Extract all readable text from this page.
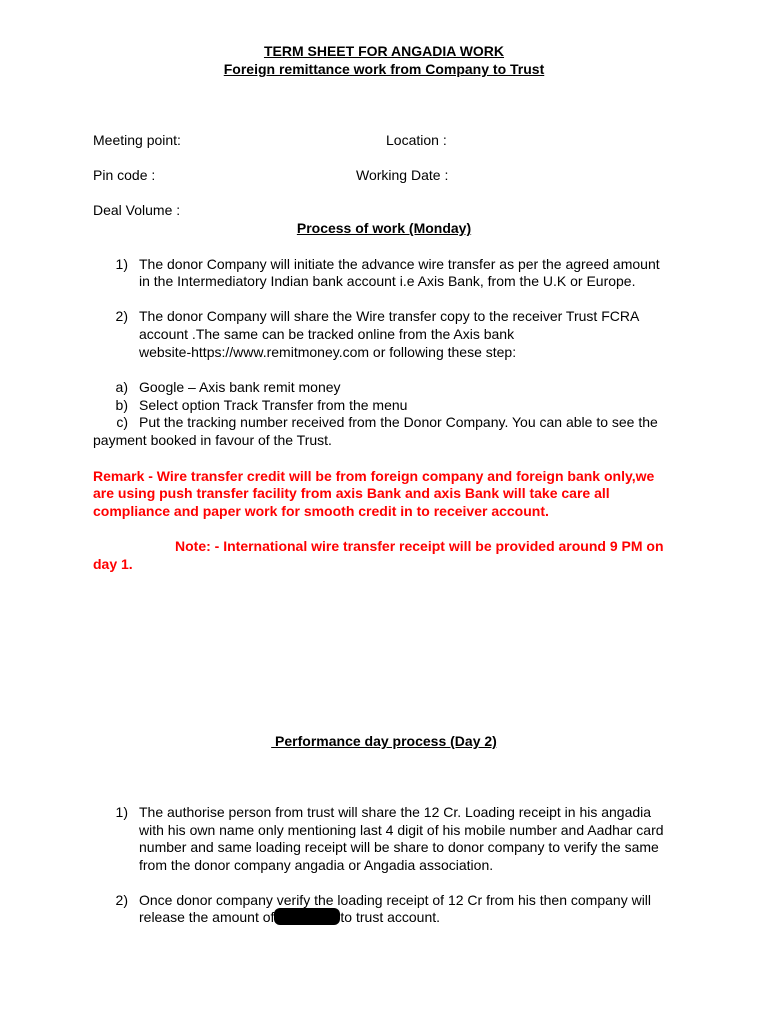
TERM SHEET FOR ANGADIA WORK
Foreign remittance work from Company to Trust
Meeting point:	Location :
Pin code :	Working Date :
Deal Volume :
Process of work (Monday)
1) The donor Company will initiate the advance wire transfer as per the agreed amount
in the Intermediatory Indian bank account i.e Axis Bank, from the U.K or Europe.
2) The donor Company will share the Wire transfer copy to the receiver Trust FCRA
account .The same can be tracked online from the Axis bank
website-https://www.remitmoney.com or following these step:
a) Google – Axis bank remit money
b) Select option Track Transfer from the menu
c) Put the tracking number received from the Donor Company. You can able to see the
payment booked in favour of the Trust.
Remark - Wire transfer credit will be from foreign company and foreign bank only,we
are using push transfer facility from axis Bank and axis Bank will take care all
compliance and paper work for smooth credit in to receiver account.
Note: - International wire transfer receipt will be provided around 9 PM on
day 1.
Performance day process (Day 2)
1) The authorise person from trust will share the 12 Cr. Loading receipt in his angadia
with his own name only mentioning last 4 digit of his mobile number and Aadhar card
number and same loading receipt will be share to donor company to verify the same
from the donor company angadia or Angadia association.
2) Once donor company verify the loading receipt of 12 Cr from his then company will
release the amount of	to trust account.
